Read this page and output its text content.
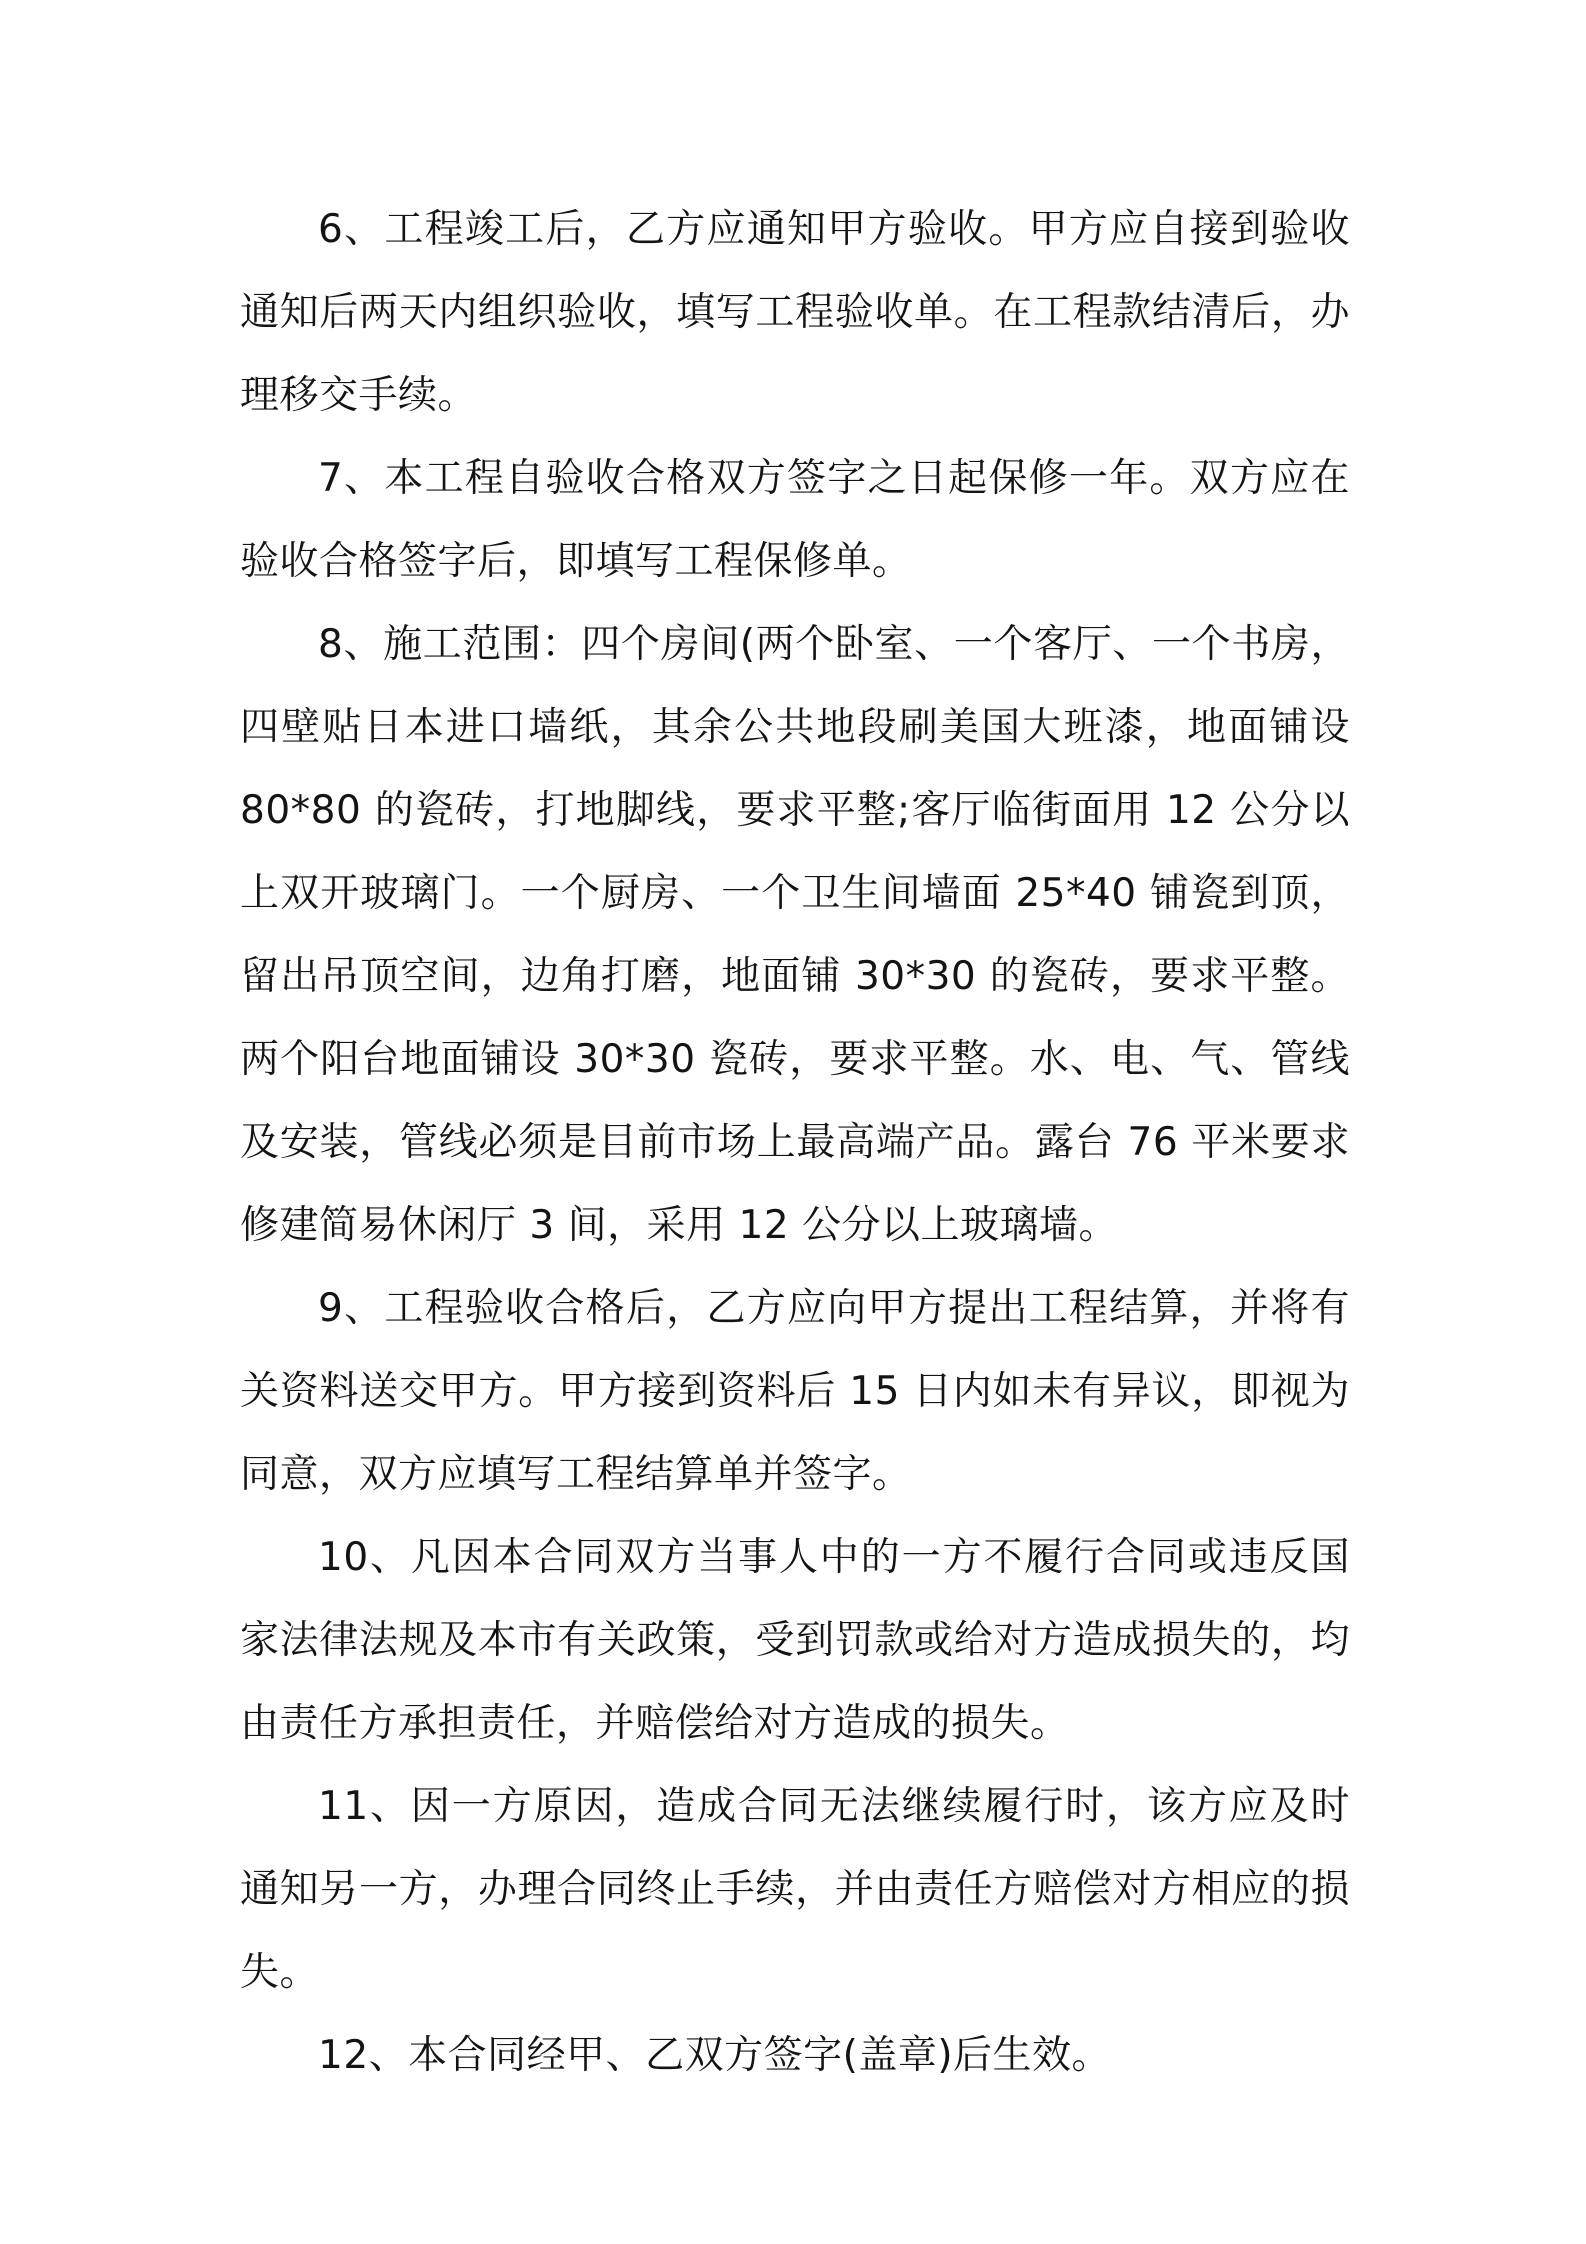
6、工程竣工后，乙方应通知甲方验收。甲方应自接到验收通知后两天内组织验收，填写工程验收单。在工程款结清后，办理移交手续。

7、本工程自验收合格双方签字之日起保修一年。双方应在验收合格签字后，即填写工程保修单。

8、施工范围：四个房间(两个卧室、一个客厅、一个书房，四壁贴日本进口墙纸，其余公共地段刷美国大班漆，地面铺设80*80 的瓷砖，打地脚线，要求平整;客厅临街面用 12 公分以上双开玻璃门。一个厨房、一个卫生间墙面 25*40 铺瓷到顶，留出吊顶空间，边角打磨，地面铺 30*30 的瓷砖，要求平整。两个阳台地面铺设 30*30 瓷砖，要求平整。水、电、气、管线及安装，管线必须是目前市场上最高端产品。露台 76 平米要求修建简易休闲厅 3 间，采用 12 公分以上玻璃墙。

9、工程验收合格后，乙方应向甲方提出工程结算，并将有关资料送交甲方。甲方接到资料后 15 日内如未有异议，即视为同意，双方应填写工程结算单并签字。

10、凡因本合同双方当事人中的一方不履行合同或违反国家法律法规及本市有关政策，受到罚款或给对方造成损失的，均由责任方承担责任，并赔偿给对方造成的损失。

11、因一方原因，造成合同无法继续履行时，该方应及时通知另一方，办理合同终止手续，并由责任方赔偿对方相应的损失。

12、本合同经甲、乙双方签字(盖章)后生效。
